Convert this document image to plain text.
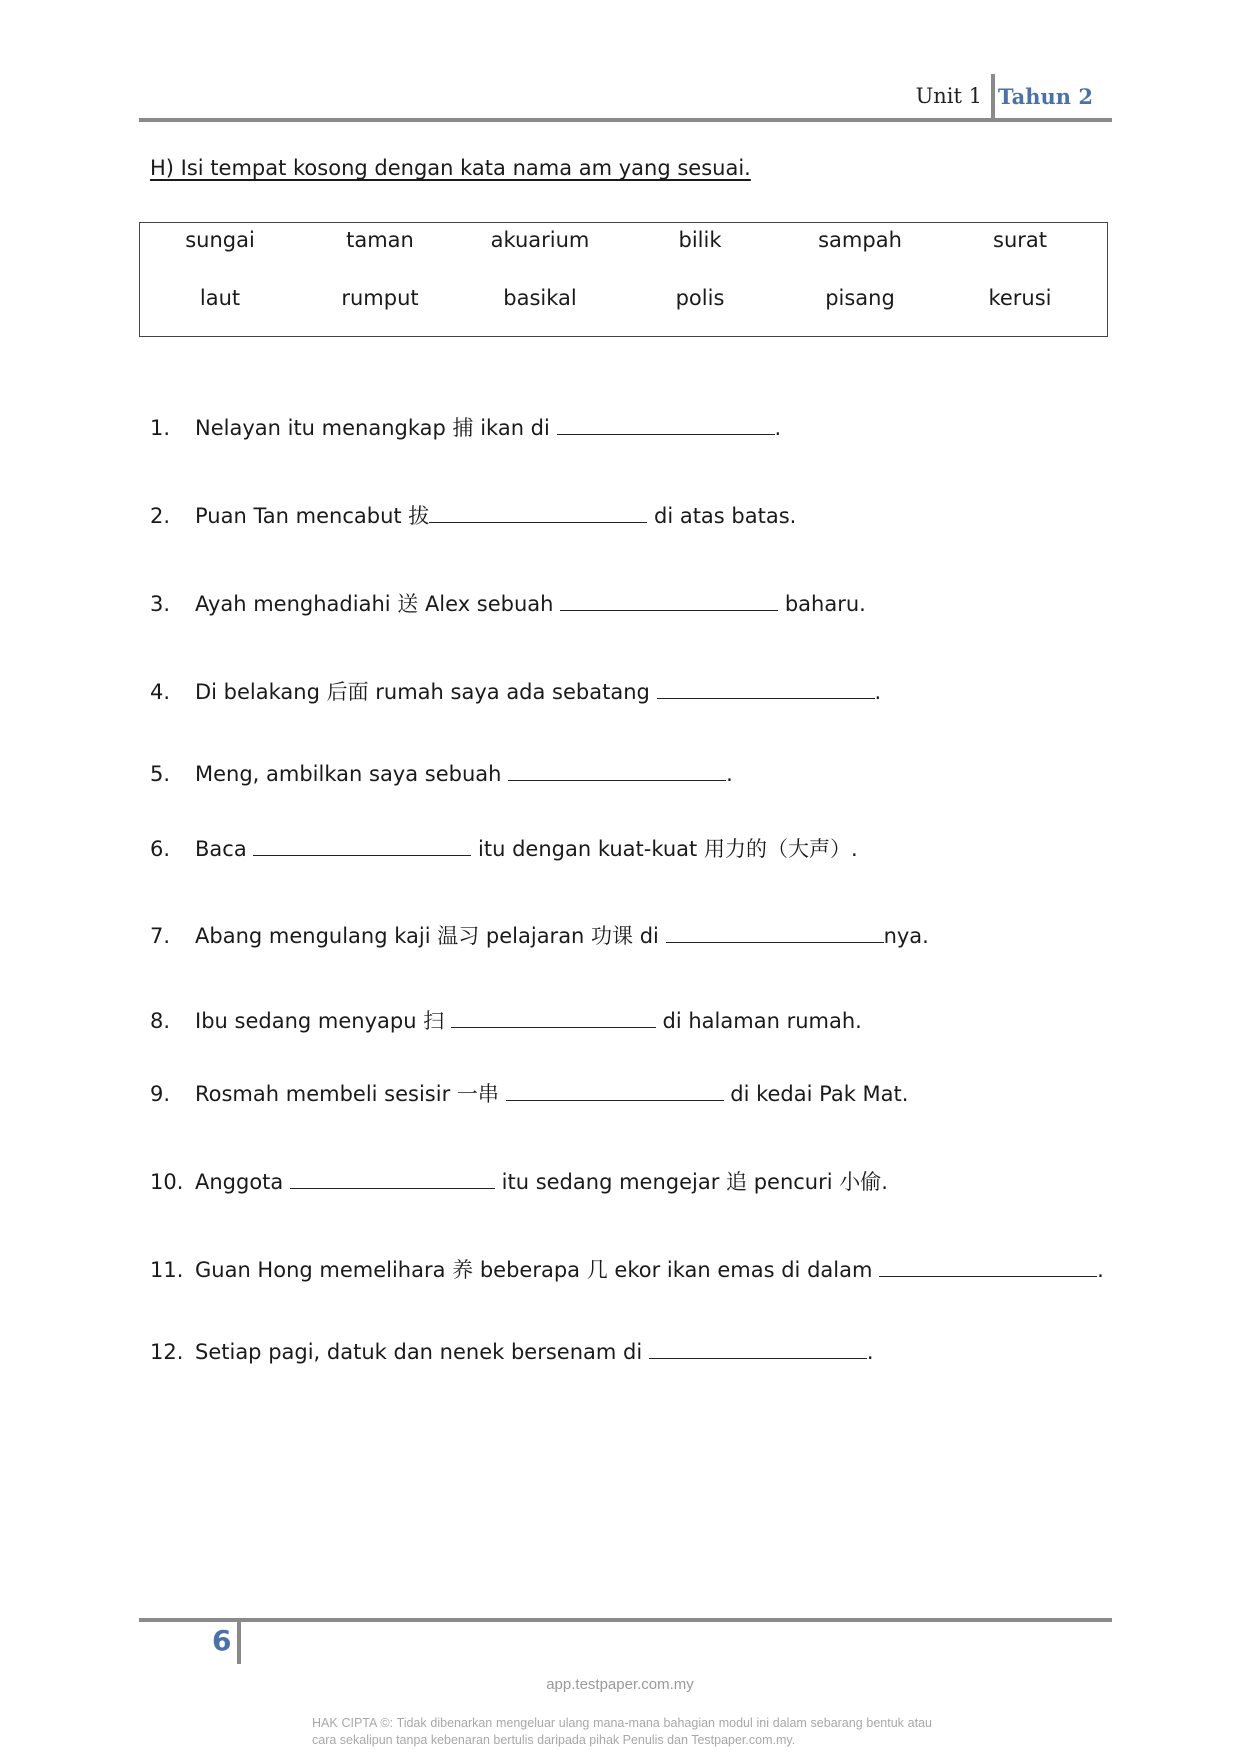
Unit 1 Tahun 2
H) Isi tempat kosong dengan kata nama am yang sesuai.
sungai	taman	akuarium	bilik	sampah	surat
laut	rumput	basikal	polis	pisang	kerusi
1. Nelayan itu menangkap 捕 ikan di	.
2. Puan Tan mencabut 拔	di atas batas.
3. Ayah menghadiahi 送 Alex sebuah	baharu.
4. Di belakang 后面 rumah saya ada sebatang	.
5. Meng, ambilkan saya sebuah	.
6. Baca	itu dengan kuat-kuat 用力的（大声）.
7. Abang mengulang kaji 温习 pelajaran 功课 di	nya.
8. Ibu sedang menyapu 扫	di halaman rumah.
9. Rosmah membeli sesisir 一串	di kedai Pak Mat.
10. Anggota	itu sedang mengejar 追 pencuri 小偷.
11. Guan Hong memelihara 养 beberapa 几 ekor ikan emas di dalam	.
12. Setiap pagi, datuk dan nenek bersenam di	.
6
app.testpaper.com.my
HAK CIPTA ©: Tidak dibenarkan mengeluar ulang mana-mana bahagian modul ini dalam sebarang bentuk atau cara sekalipun tanpa kebenaran bertulis daripada pihak Penulis dan Testpaper.com.my.
